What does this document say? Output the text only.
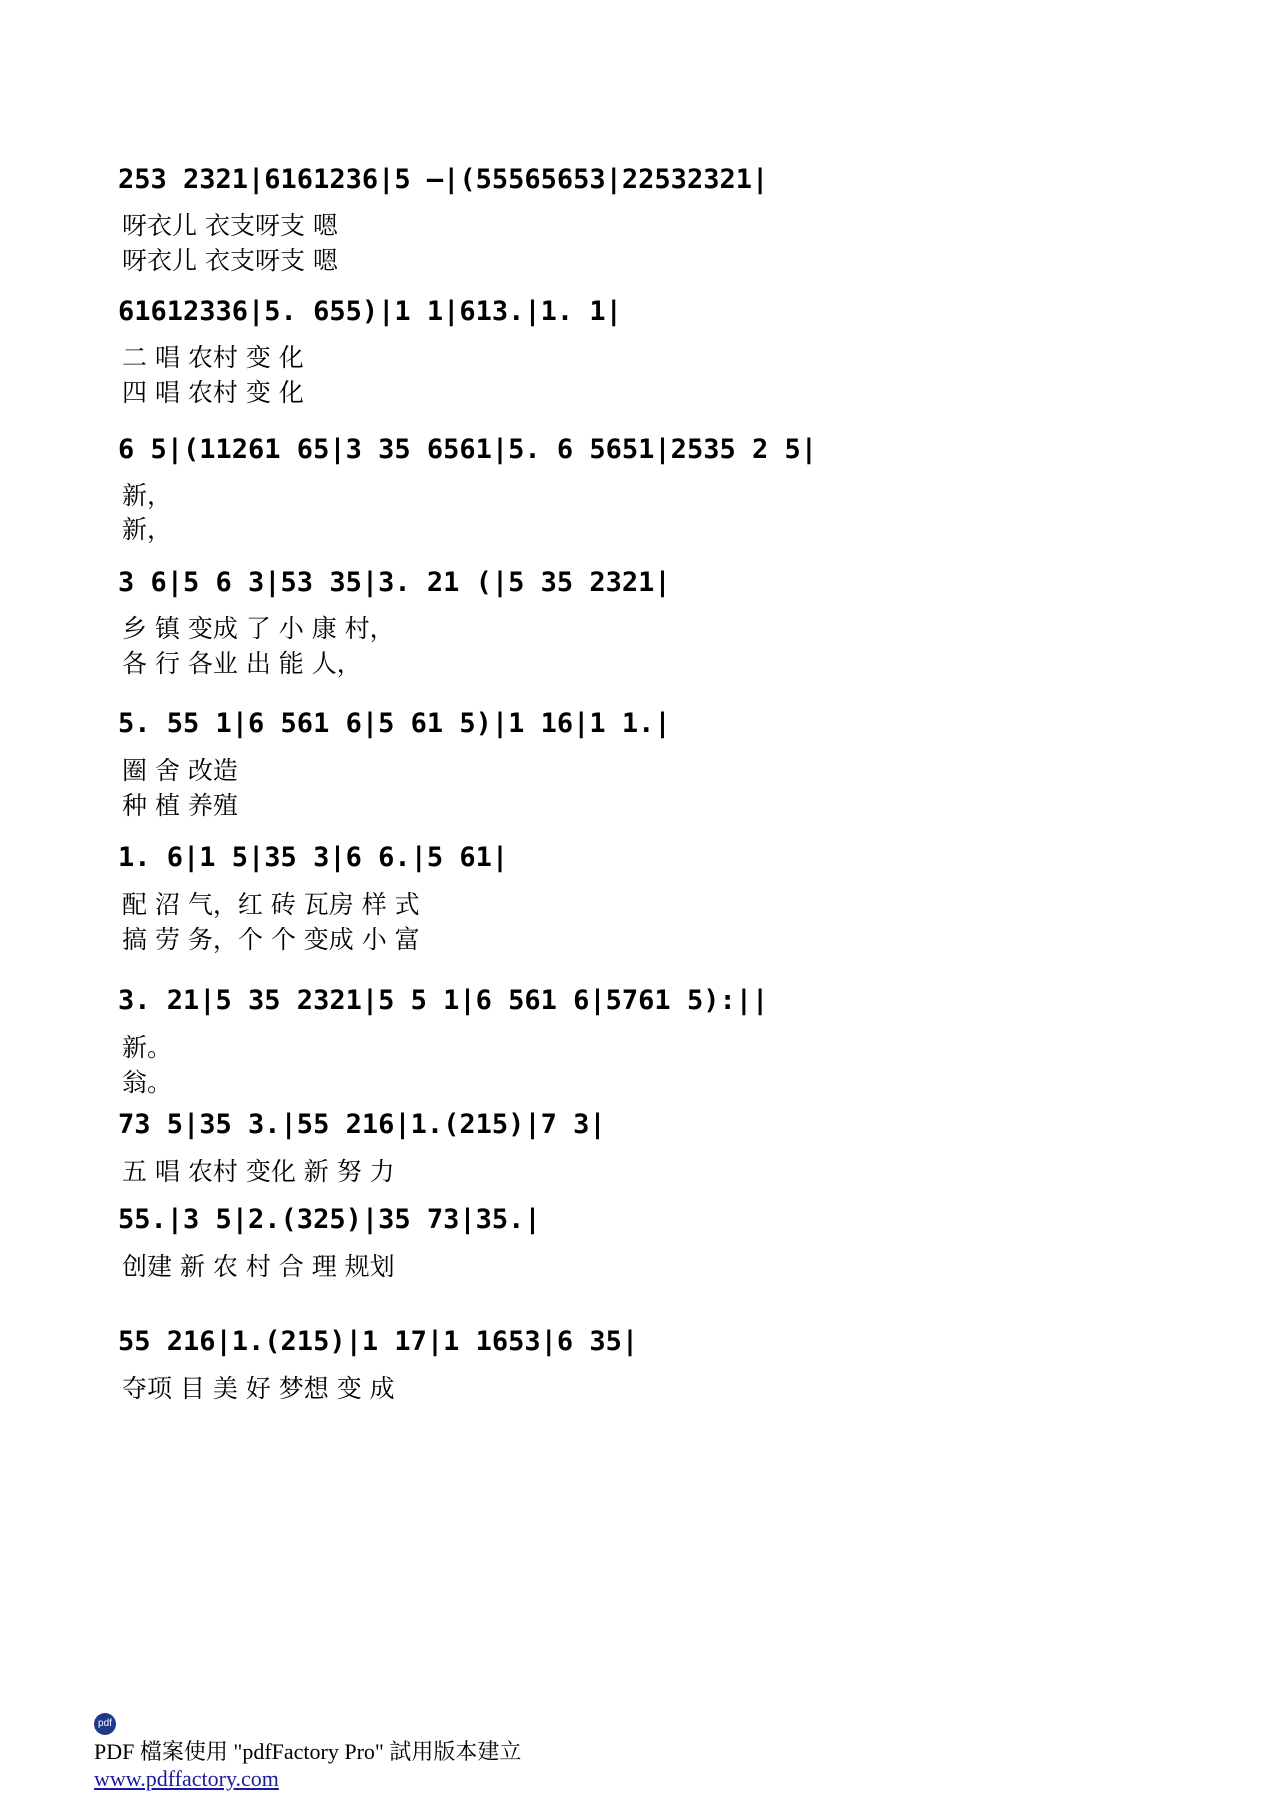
253 2321|6161236|5 –|(55565653|22532321|
呀衣儿 衣支呀支 嗯
呀衣儿 衣支呀支 嗯
61612336|5. 655)|1 1|613.|1. 1|
二 唱 农村 变 化
四 唱 农村 变 化
6 5|(11261 65|3 35 6561|5. 6 5651|2535 2 5|
新，
新，
3 6|5 6 3|53 35|3. 21 (|5 35 2321|
乡 镇 变成 了 小 康 村，
各 行 各业 出 能 人，
5. 55 1|6 561 6|5 61 5)|1 16|1 1.|
圈 舍 改造
种 植 养殖
1. 6|1 5|35 3|6 6.|5 61|
配 沼 气，红 砖 瓦房 样 式
搞 劳 务，个 个 变成 小 富
3. 21|5 35 2321|5 5 1|6 561 6|5761 5):||
新。
翁。
73 5|35 3.|55 216|1.(215)|7 3|
五 唱 农村 变化 新 努 力
55.|3 5|2.(325)|35 73|35.|
创建 新 农 村 合 理 规划
55 216|1.(215)|1 17|1 1653|6 35|
夺项 目 美 好 梦想 变 成

pdf
PDF 檔案使用 "pdfFactory Pro" 試用版本建立
www.pdffactory.com
